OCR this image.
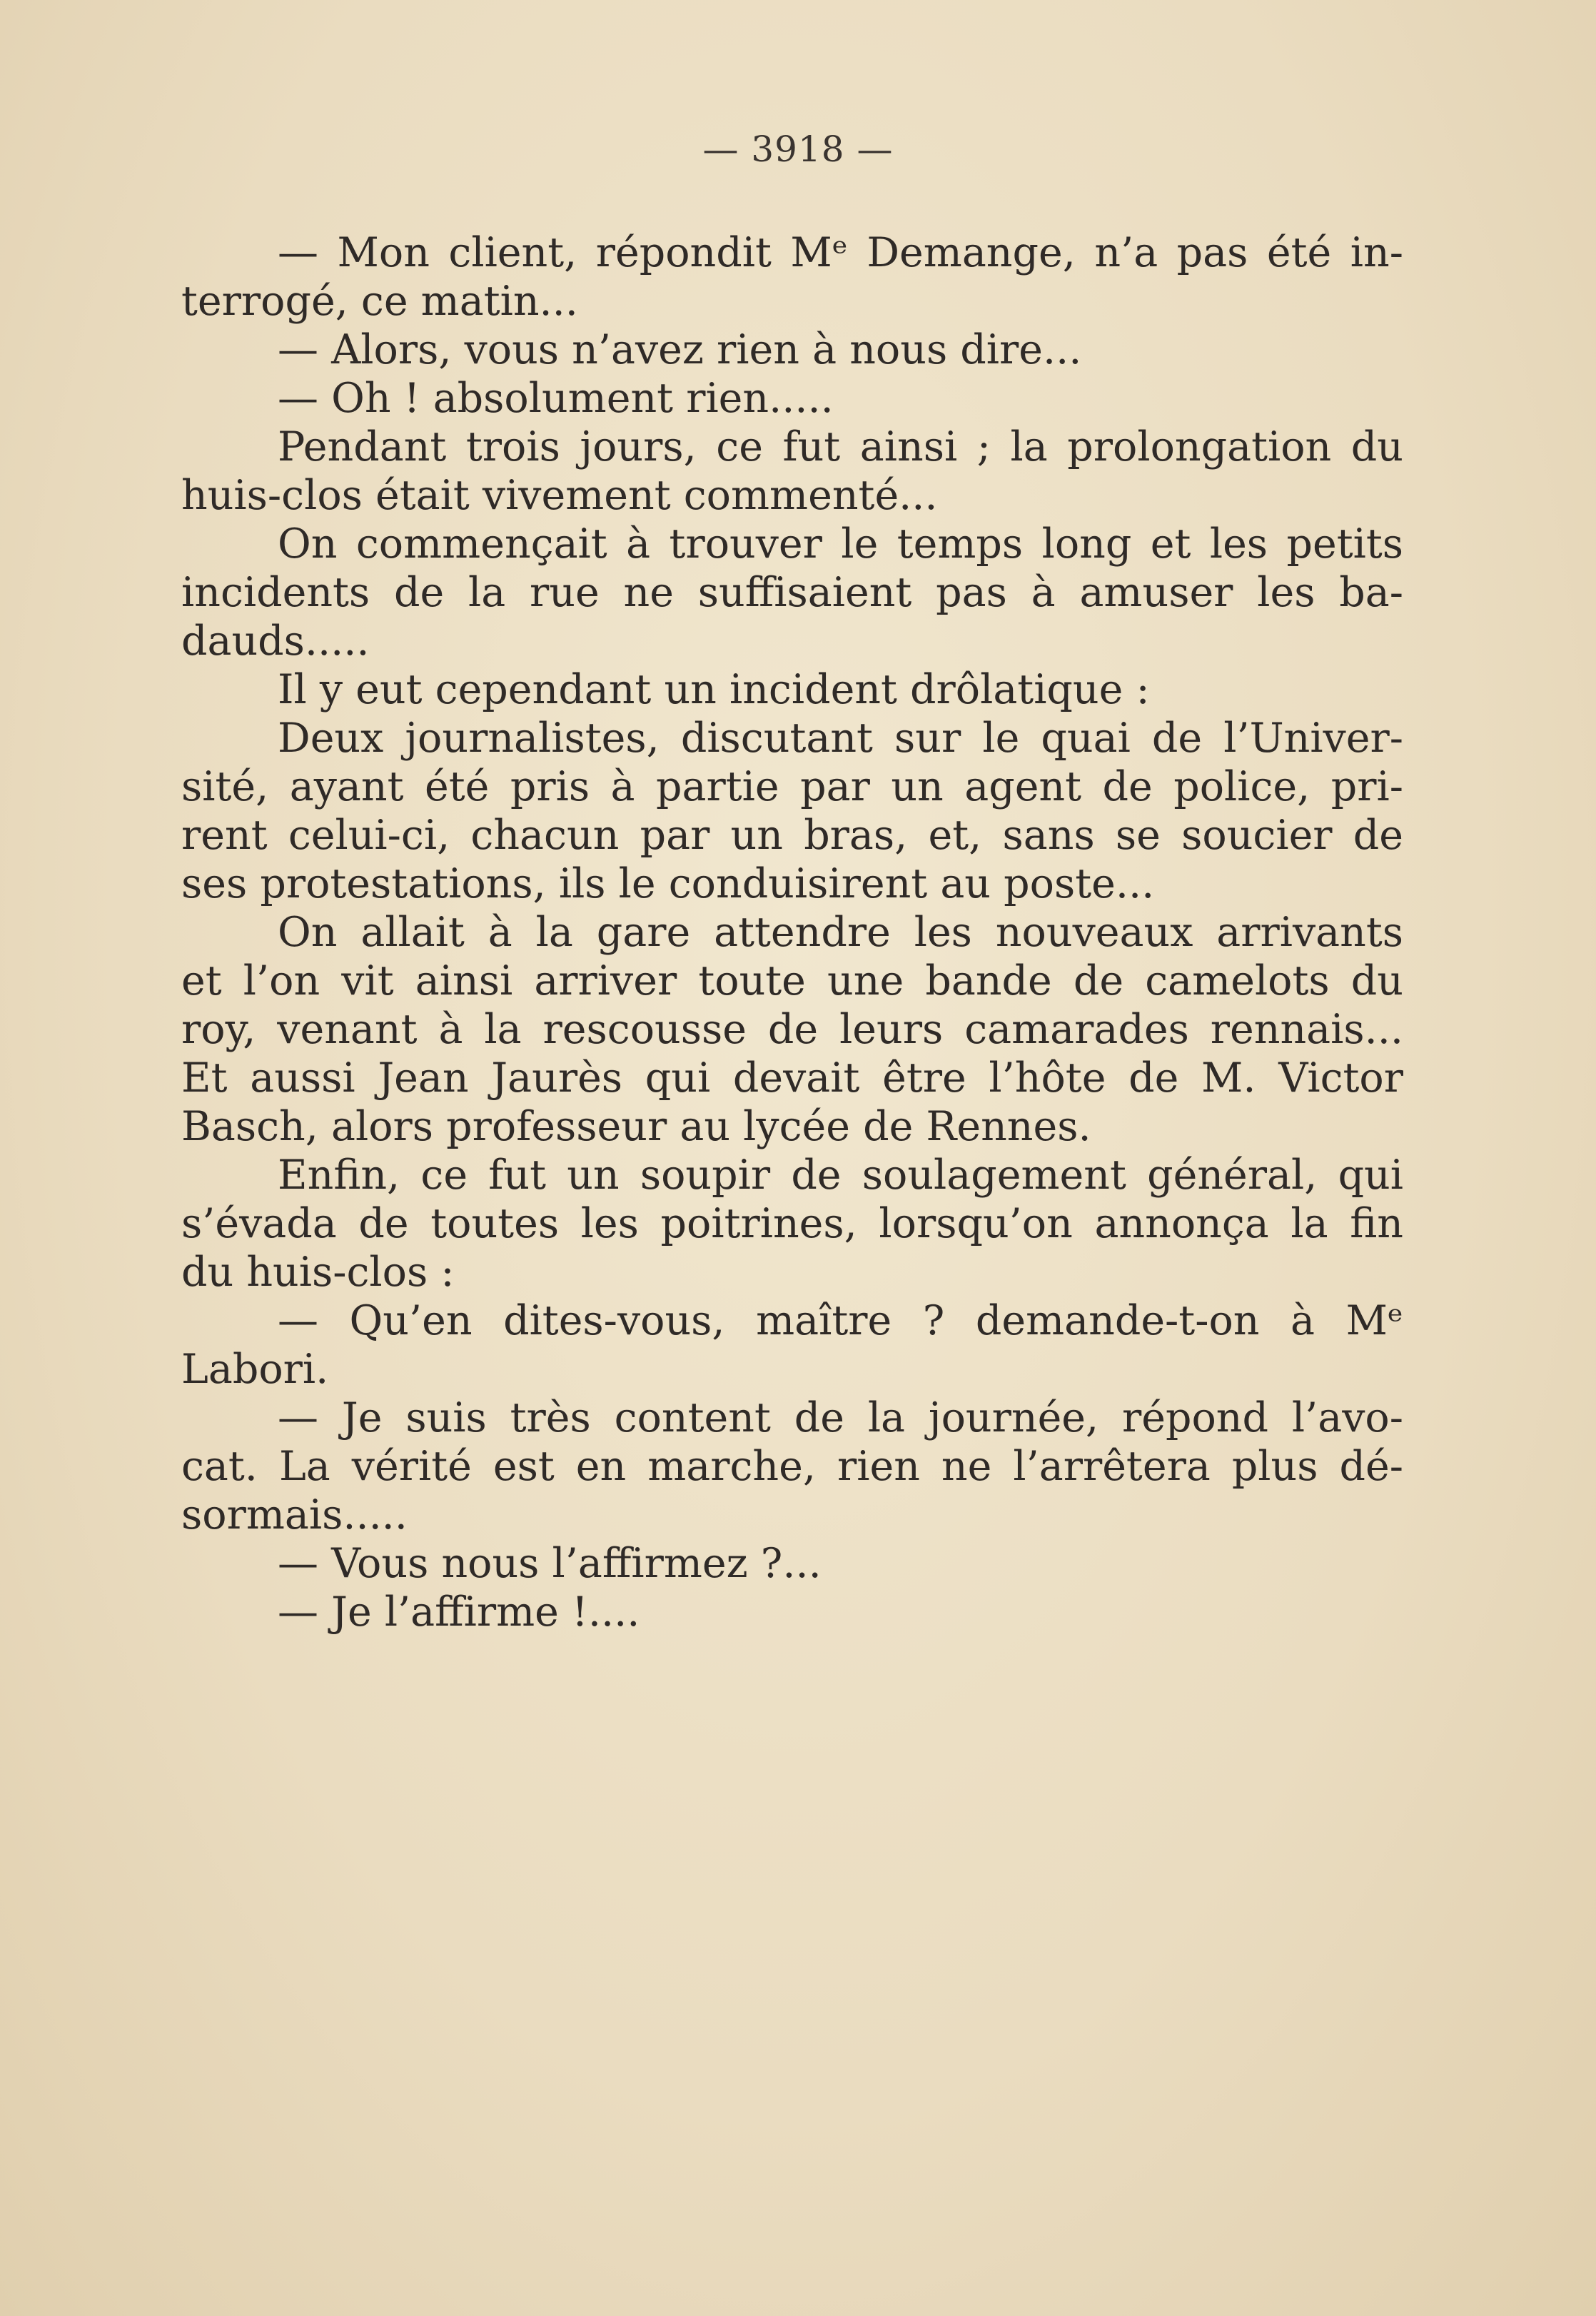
— 3918 —
— Mon client, répondit Mᵉ Demange, n’a pas été in-
terrogé, ce matin...
— Alors, vous n’avez rien à nous dire...
— Oh ! absolument rien.....
Pendant trois jours, ce fut ainsi ; la prolongation du
huis-clos était vivement commenté...
On commençait à trouver le temps long et les petits
incidents de la rue ne suffisaient pas à amuser les ba-
dauds.....
Il y eut cependant un incident drôlatique :
Deux journalistes, discutant sur le quai de l’Univer-
sité, ayant été pris à partie par un agent de police, pri-
rent celui-ci, chacun par un bras, et, sans se soucier de
ses protestations, ils le conduisirent au poste...
On allait à la gare attendre les nouveaux arrivants
et l’on vit ainsi arriver toute une bande de camelots du
roy, venant à la rescousse de leurs camarades rennais...
Et aussi Jean Jaurès qui devait être l’hôte de M. Victor
Basch, alors professeur au lycée de Rennes.
Enfin, ce fut un soupir de soulagement général, qui
s’évada de toutes les poitrines, lorsqu’on annonça la fin
du huis-clos :
— Qu’en dites-vous, maître ? demande-t-on à Mᵉ
Labori.
— Je suis très content de la journée, répond l’avo-
cat. La vérité est en marche, rien ne l’arrêtera plus dé-
sormais.....
— Vous nous l’affirmez ?...
— Je l’affirme !....
